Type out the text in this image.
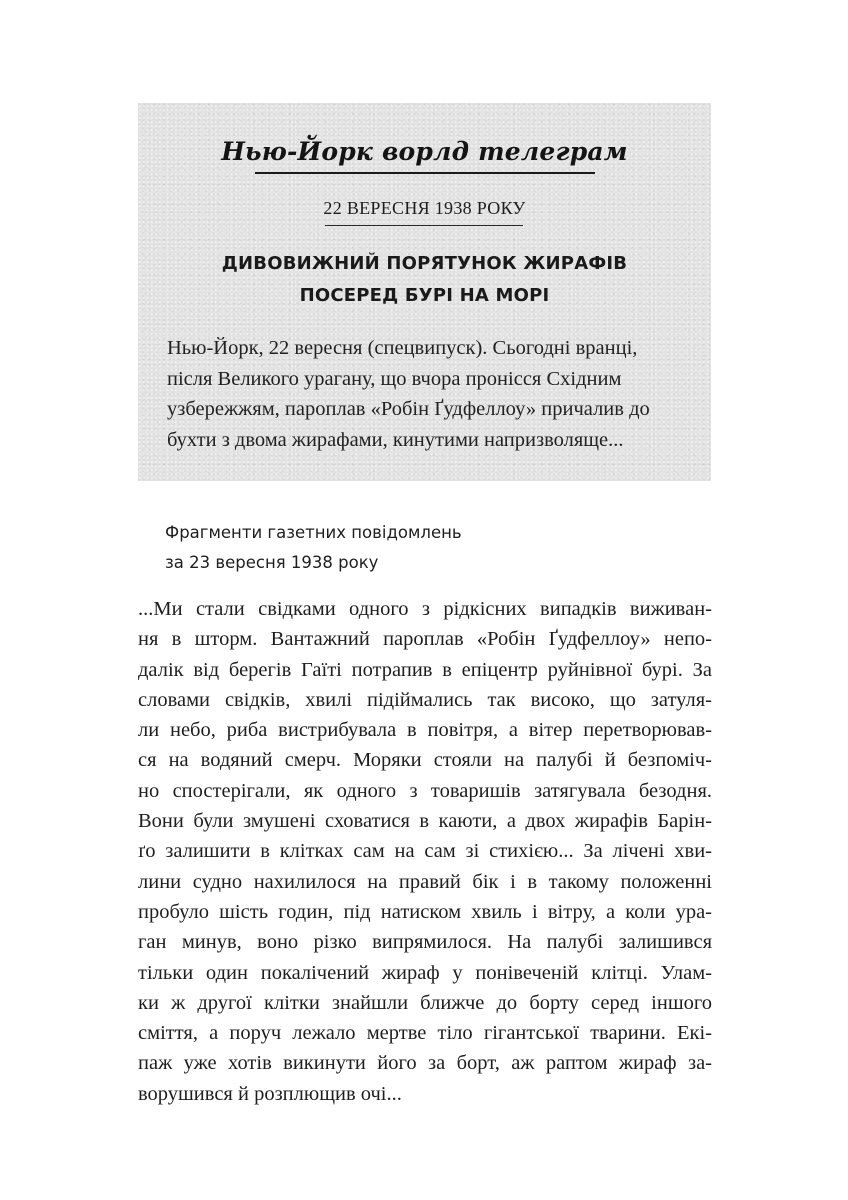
Нью-Йорк ворлд телеграм
22 ВЕРЕСНЯ 1938 РОКУ
ДИВОВИЖНИЙ ПОРЯТУНОК ЖИРАФІВ
ПОСЕРЕД БУРІ НА МОРІ
Нью-Йорк, 22 вересня (спецвипуск). Сьогодні вранці,
після Великого урагану, що вчора пронісся Східним
узбережжям, пароплав «Робін Ґудфеллоу» причалив до
бухти з двома жирафами, кинутими напризволяще...
Фрагменти газетних повідомлень
за 23 вересня 1938 року
...Ми стали свідками одного з рідкісних випадків виживан-
ня в шторм. Вантажний пароплав «Робін Ґудфеллоу» непо-
далік від берегів Гаїті потрапив в епіцентр руйнівної бурі. За
словами свідків, хвилі підіймались так високо, що затуля-
ли небо, риба вистрибувала в повітря, а вітер перетворював-
ся на водяний смерч. Моряки стояли на палубі й безпоміч-
но спостерігали, як одного з товаришів затягувала безодня.
Вони були змушені сховатися в каюти, а двох жирафів Барін-
ґо залишити в клітках сам на сам зі стихією... За лічені хви-
лини судно нахилилося на правий бік і в такому положенні
пробуло шість годин, під натиском хвиль і вітру, а коли ура-
ган минув, воно різко випрямилося. На палубі залишився
тільки один покалічений жираф у понівеченій клітці. Улам-
ки ж другої клітки знайшли ближче до борту серед іншого
сміття, а поруч лежало мертве тіло гігантської тварини. Екі-
паж уже хотів викинути його за борт, аж раптом жираф за-
ворушився й розплющив очі...
